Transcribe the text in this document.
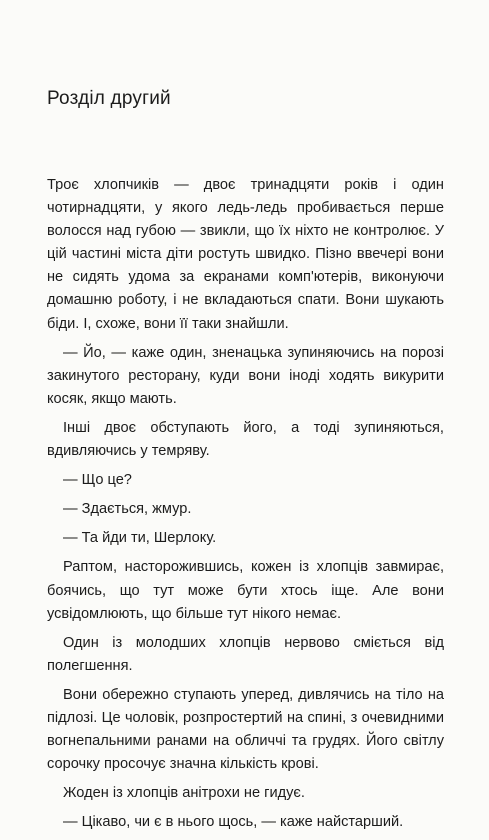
Розділ другий

Троє хлопчиків — двоє тринадцяти років і один чотирнадцяти, у якого ледь-ледь пробивається перше волосся над губою — звикли, що їх ніхто не контролює. У цій частині міста діти ростуть швидко. Пізно ввечері вони не сидять удома за екранами комп'ютерів, виконуючи домашню роботу, і не вкладаються спати. Вони шукають біди. І, схоже, вони її таки знайшли.

— Йо, — каже один, зненацька зупиняючись на порозі закинутого ресторану, куди вони іноді ходять викурити косяк, якщо мають.

Інші двоє обступають його, а тоді зупиняються, вдивляючись у темряву.

— Що це?

— Здається, жмур.

— Та йди ти, Шерлоку.

Раптом, насторожившись, кожен із хлопців завмирає, боячись, що тут може бути хтось іще. Але вони усвідомлюють, що більше тут нікого немає.

Один із молодших хлопців нервово сміється від полегшення.

Вони обережно ступають уперед, дивлячись на тіло на підлозі. Це чоловік, розпростертий на спині, з очевидними вогнепальними ранами на обличчі та грудях. Його світлу сорочку просочує значна кількість крові.

Жоден із хлопців анітрохи не гидує.

— Цікаво, чи є в нього щось, — каже найстарший.
